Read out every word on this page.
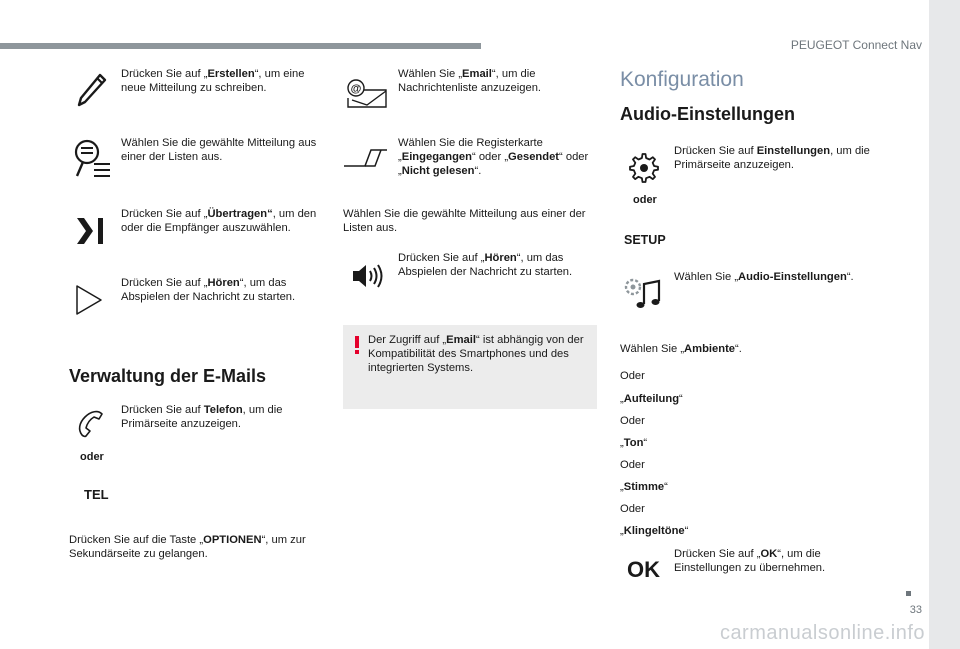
PEUGEOT Connect Nav
33
Drücken Sie auf „Erstellen“, um eine neue Mitteilung zu schreiben.
Wählen Sie die gewählte Mitteilung aus einer der Listen aus.
Drücken Sie auf „Übertragen“, um den oder die Empfänger auszuwählen.
Drücken Sie auf „Hören“, um das Abspielen der Nachricht zu starten.
Verwaltung der E-Mails
Drücken Sie auf Telefon, um die Primärseite anzuzeigen.
oder
TEL
Drücken Sie auf die Taste „OPTIONEN“, um zur Sekundärseite zu gelangen.
@
Wählen Sie „Email“, um die Nachrichtenliste anzuzeigen.
Wählen Sie die Registerkarte „Eingegangen“ oder „Gesendet“ oder „Nicht gelesen“.
Wählen Sie die gewählte Mitteilung aus einer der Listen aus.
Drücken Sie auf „Hören“, um das Abspielen der Nachricht zu starten.
Der Zugriff auf „Email“ ist abhängig von der Kompatibilität des Smartphones und des integrierten Systems.
Konfiguration
Audio-Einstellungen
Drücken Sie auf Einstellungen, um die Primärseite anzuzeigen.
oder
SETUP
Wählen Sie „Audio-Einstellungen“.
Wählen Sie „Ambiente“.
Oder
„Aufteilung“
Oder
„Ton“
Oder
„Stimme“
Oder
„Klingeltöne“
OK
Drücken Sie auf „OK“, um die Einstellungen zu übernehmen.
carmanualsonline.info
